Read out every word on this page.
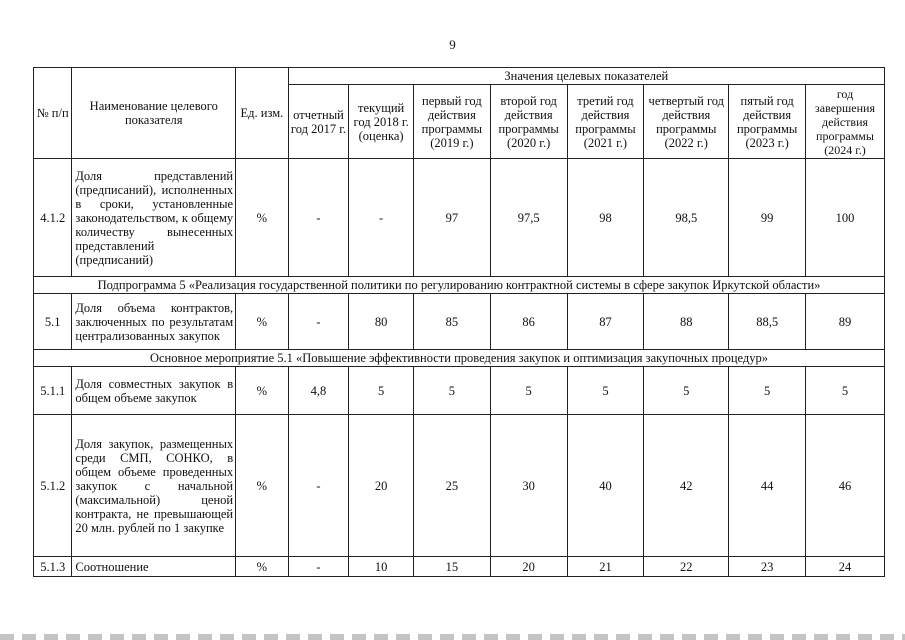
9
№ п/п	Наименование целевого показателя	Ед. изм.	Значения целевых показателей							
			отчетный год 2017 г.	текущий год 2018 г. (оценка)	первый год действия программы (2019 г.)	второй год действия программы (2020 г.)	третий год действия программы (2021 г.)	четвертый год действия программы (2022 г.)	пятый год действия программы (2023 г.)	год завершения действия программы (2024 г.)
4.1.2	Доля представлений (предписаний), исполненных в сроки, установленные законодательством, к общему количеству вынесенных представлений (предписаний)	%	-	-	97	97,5	98	98,5	99	100
Подпрограмма 5 «Реализация государственной политики по регулированию контрактной системы в сфере закупок Иркутской области»										
5.1	Доля объема контрактов, заключенных по результатам централизованных закупок	%	-	80	85	86	87	88	88,5	89
Основное мероприятие 5.1 «Повышение эффективности проведения закупок и оптимизация закупочных процедур»										
5.1.1	Доля совместных закупок в общем объеме закупок	%	4,8	5	5	5	5	5	5	5
5.1.2	Доля закупок, размещенных среди СМП, СОНКО, в общем объеме проведенных закупок с начальной (максимальной) ценой контракта, не превышающей 20 млн. рублей по 1 закупке	%	-	20	25	30	40	42	44	46
5.1.3	Соотношение	%	-	10	15	20	21	22	23	24
